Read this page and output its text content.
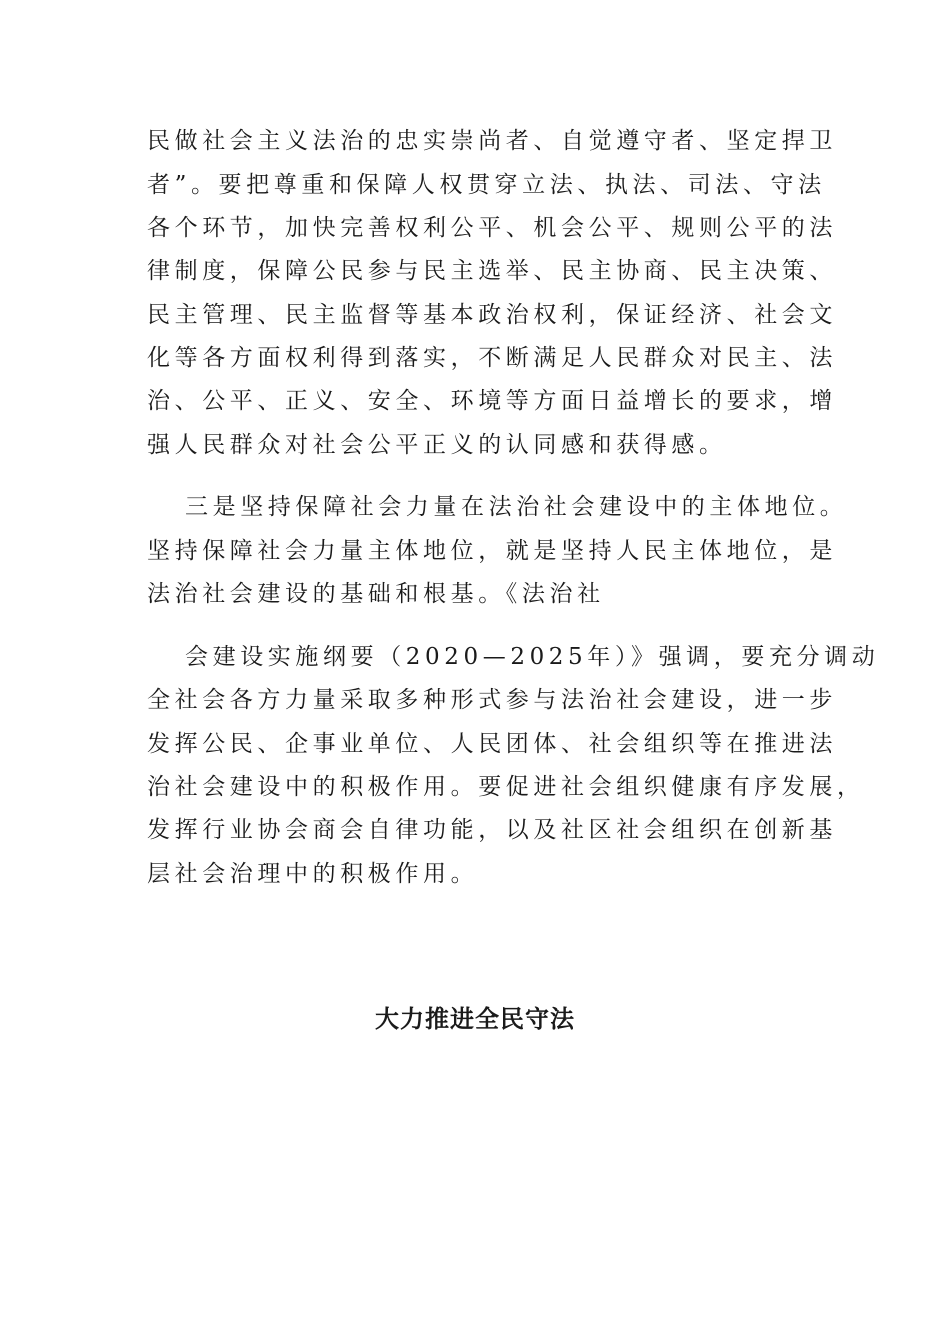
民做社会主义法治的忠实崇尚者、自觉遵守者、坚定捍卫
者”。要把尊重和保障人权贯穿立法、执法、司法、守法
各个环节，加快完善权利公平、机会公平、规则公平的法
律制度，保障公民参与民主选举、民主协商、民主决策、
民主管理、民主监督等基本政治权利，保证经济、社会文
化等各方面权利得到落实，不断满足人民群众对民主、法
治、公平、正义、安全、环境等方面日益增长的要求，增
强人民群众对社会公平正义的认同感和获得感。
三是坚持保障社会力量在法治社会建设中的主体地位。
坚持保障社会力量主体地位，就是坚持人民主体地位，是
法治社会建设的基础和根基。《法治社
会建设实施纲要（2020—2025年）》强调，要充分调动
全社会各方力量采取多种形式参与法治社会建设，进一步
发挥公民、企事业单位、人民团体、社会组织等在推进法
治社会建设中的积极作用。要促进社会组织健康有序发展，
发挥行业协会商会自律功能，以及社区社会组织在创新基
层社会治理中的积极作用。
大力推进全民守法
